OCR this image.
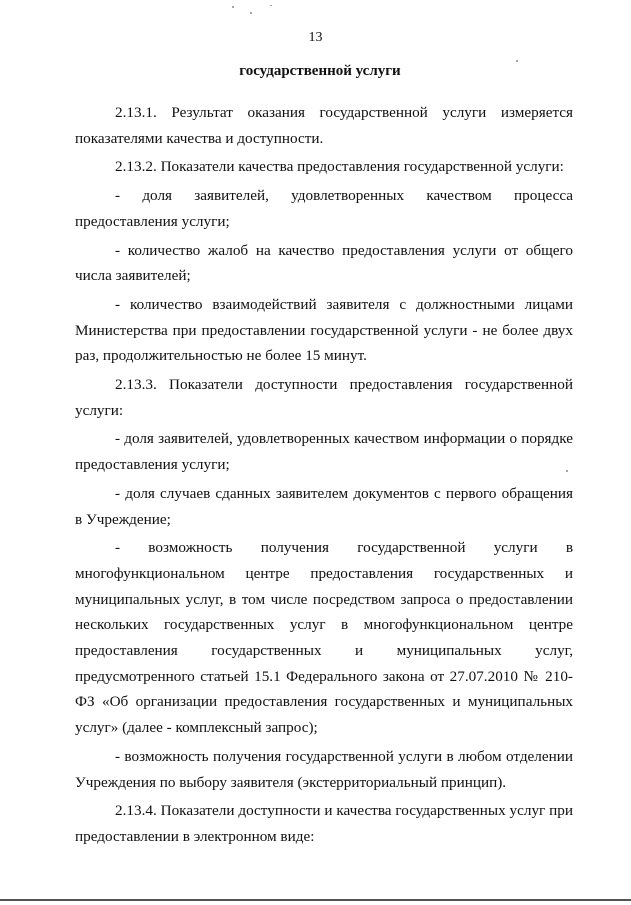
13
государственной услуги

2.13.1. Результат оказания государственной услуги измеряется показателями качества и доступности.

2.13.2. Показатели качества предоставления государственной услуги:

- доля заявителей, удовлетворенных качеством процесса предоставления услуги;

- количество жалоб на качество предоставления услуги от общего числа заявителей;

- количество взаимодействий заявителя с должностными лицами Министерства при предоставлении государственной услуги - не более двух раз, продолжительностью не более 15 минут.

2.13.3. Показатели доступности предоставления государственной услуги:

- доля заявителей, удовлетворенных качеством информации о порядке предоставления услуги;

- доля случаев сданных заявителем документов с первого обращения в Учреждение;

- возможность получения государственной услуги в многофункциональном центре предоставления государственных и муниципальных услуг, в том числе посредством запроса о предоставлении нескольких государственных услуг в многофункциональном центре предоставления государственных и муниципальных услуг, предусмотренного статьей 15.1 Федерального закона от 27.07.2010 № 210-ФЗ «Об организации предоставления государственных и муниципальных услуг» (далее - комплексный запрос);

- возможность получения государственной услуги в любом отделении Учреждения по выбору заявителя (экстерриториальный принцип).

2.13.4. Показатели доступности и качества государственных услуг при предоставлении в электронном виде:
